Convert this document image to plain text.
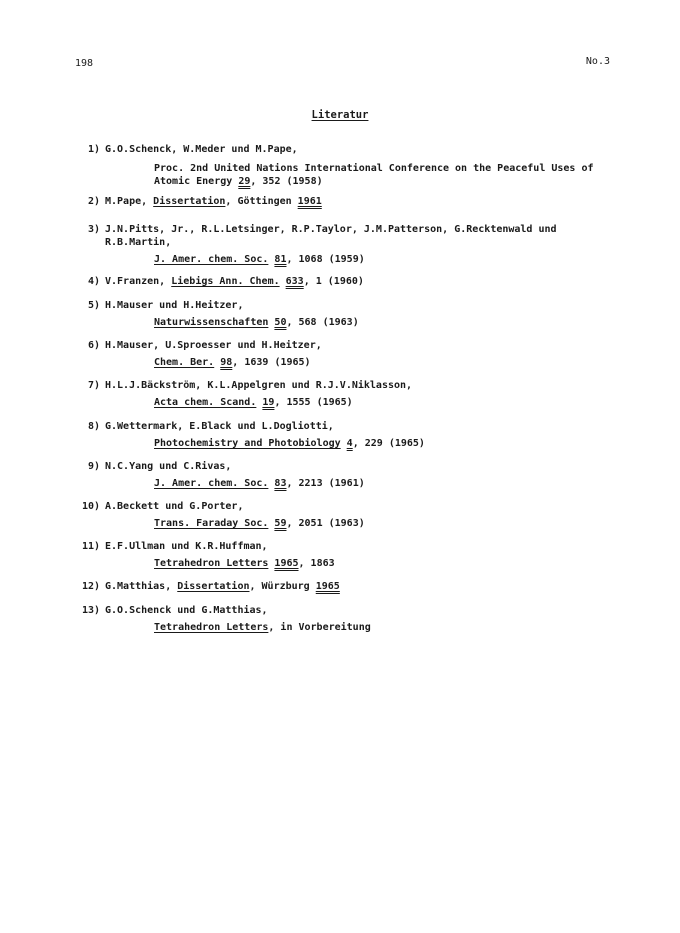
198	No.3
Literatur
1) G.O.Schenck, W.Meder und M.Pape,
Proc. 2nd United Nations International Conference on the Peaceful Uses of Atomic Energy 29, 352 (1958)
2) M.Pape, Dissertation, Göttingen 1961
3) J.N.Pitts, Jr., R.L.Letsinger, R.P.Taylor, J.M.Patterson, G.Recktenwald und R.B.Martin,
J. Amer. chem. Soc. 81, 1068 (1959)
4) V.Franzen, Liebigs Ann. Chem. 633, 1 (1960)
5) H.Mauser und H.Heitzer,
Naturwissenschaften 50, 568 (1963)
6) H.Mauser, U.Sproesser und H.Heitzer,
Chem. Ber. 98, 1639 (1965)
7) H.L.J.Bäckström, K.L.Appelgren und R.J.V.Niklasson,
Acta chem. Scand. 19, 1555 (1965)
8) G.Wettermark, E.Black und L.Dogliotti,
Photochemistry and Photobiology 4, 229 (1965)
9) N.C.Yang und C.Rivas,
J. Amer. chem. Soc. 83, 2213 (1961)
10) A.Beckett und G.Porter,
Trans. Faraday Soc. 59, 2051 (1963)
11) E.F.Ullman und K.R.Huffman,
Tetrahedron Letters 1965, 1863
12) G.Matthias, Dissertation, Würzburg 1965
13) G.O.Schenck und G.Matthias,
Tetrahedron Letters, in Vorbereitung
